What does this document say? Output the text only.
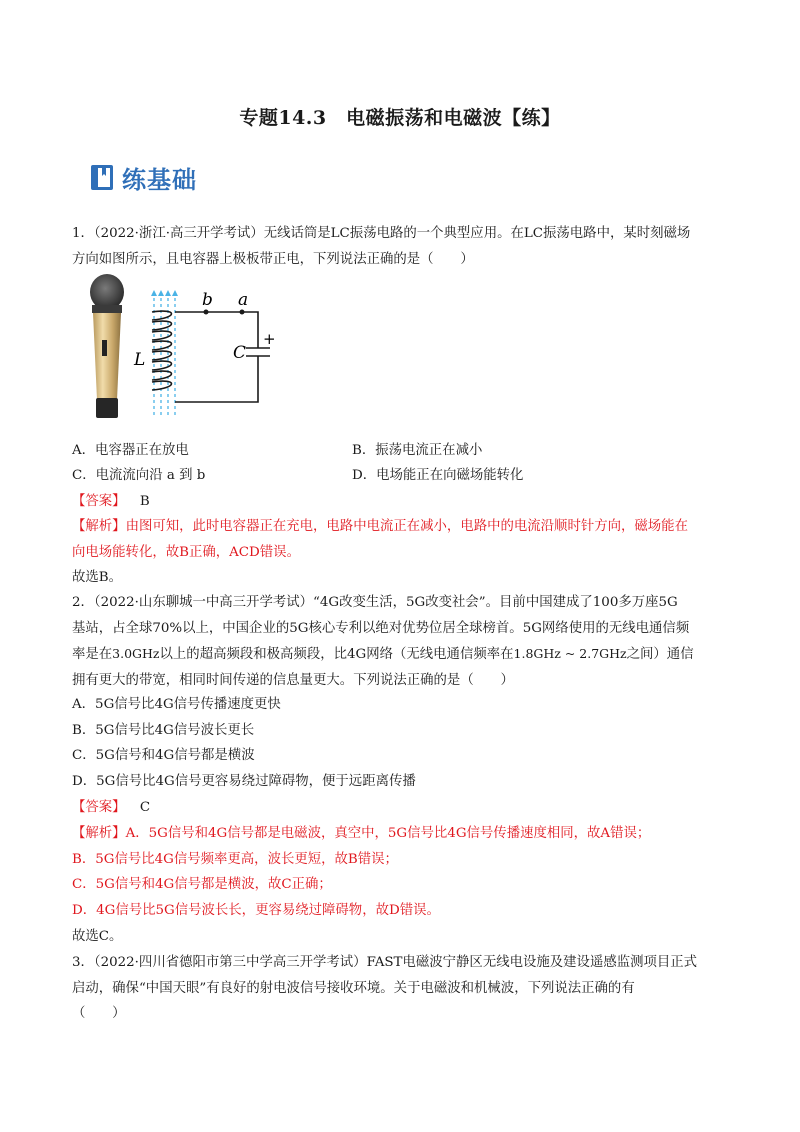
专题14.3　电磁振荡和电磁波【练】
练基础
1．（2022·浙江·高三开学考试）无线话筒是LC振荡电路的一个典型应用。在LC振荡电路中，某时刻磁场
方向如图所示，且电容器上极板带正电，下列说法正确的是（　　）
b a
L	C
+
A．电容器正在放电	B．振荡电流正在减小
C．电流流向沿 a 到 b	D．电场能正在向磁场能转化
【答案】 B
【解析】由图可知，此时电容器正在充电，电路中电流正在减小，电路中的电流沿顺时针方向，磁场能在
向电场能转化，故B正确，ACD错误。
故选B。
2．（2022·山东聊城一中高三开学考试）“4G改变生活，5G改变社会”。目前中国建成了100多万座5G
基站，占全球70%以上，中国企业的5G核心专利以绝对优势位居全球榜首。5G网络使用的无线电通信频
率是在3.0GHz以上的超高频段和极高频段，比4G网络（无线电通信频率在1.8GHz ~ 2.7GHz之间）通信
拥有更大的带宽，相同时间传递的信息量更大。下列说法正确的是（　　）
A．5G信号比4G信号传播速度更快
B．5G信号比4G信号波长更长
C．5G信号和4G信号都是横波
D．5G信号比4G信号更容易绕过障碍物，便于远距离传播
【答案】 C
【解析】A．5G信号和4G信号都是电磁波，真空中，5G信号比4G信号传播速度相同，故A错误；
B．5G信号比4G信号频率更高，波长更短，故B错误；
C．5G信号和4G信号都是横波，故C正确；
D．4G信号比5G信号波长长，更容易绕过障碍物，故D错误。
故选C。
3．（2022·四川省德阳市第三中学高三开学考试）FAST电磁波宁静区无线电设施及建设遥感监测项目正式
启动，确保“中国天眼”有良好的射电波信号接收环境。关于电磁波和机械波，下列说法正确的有
（　　）
